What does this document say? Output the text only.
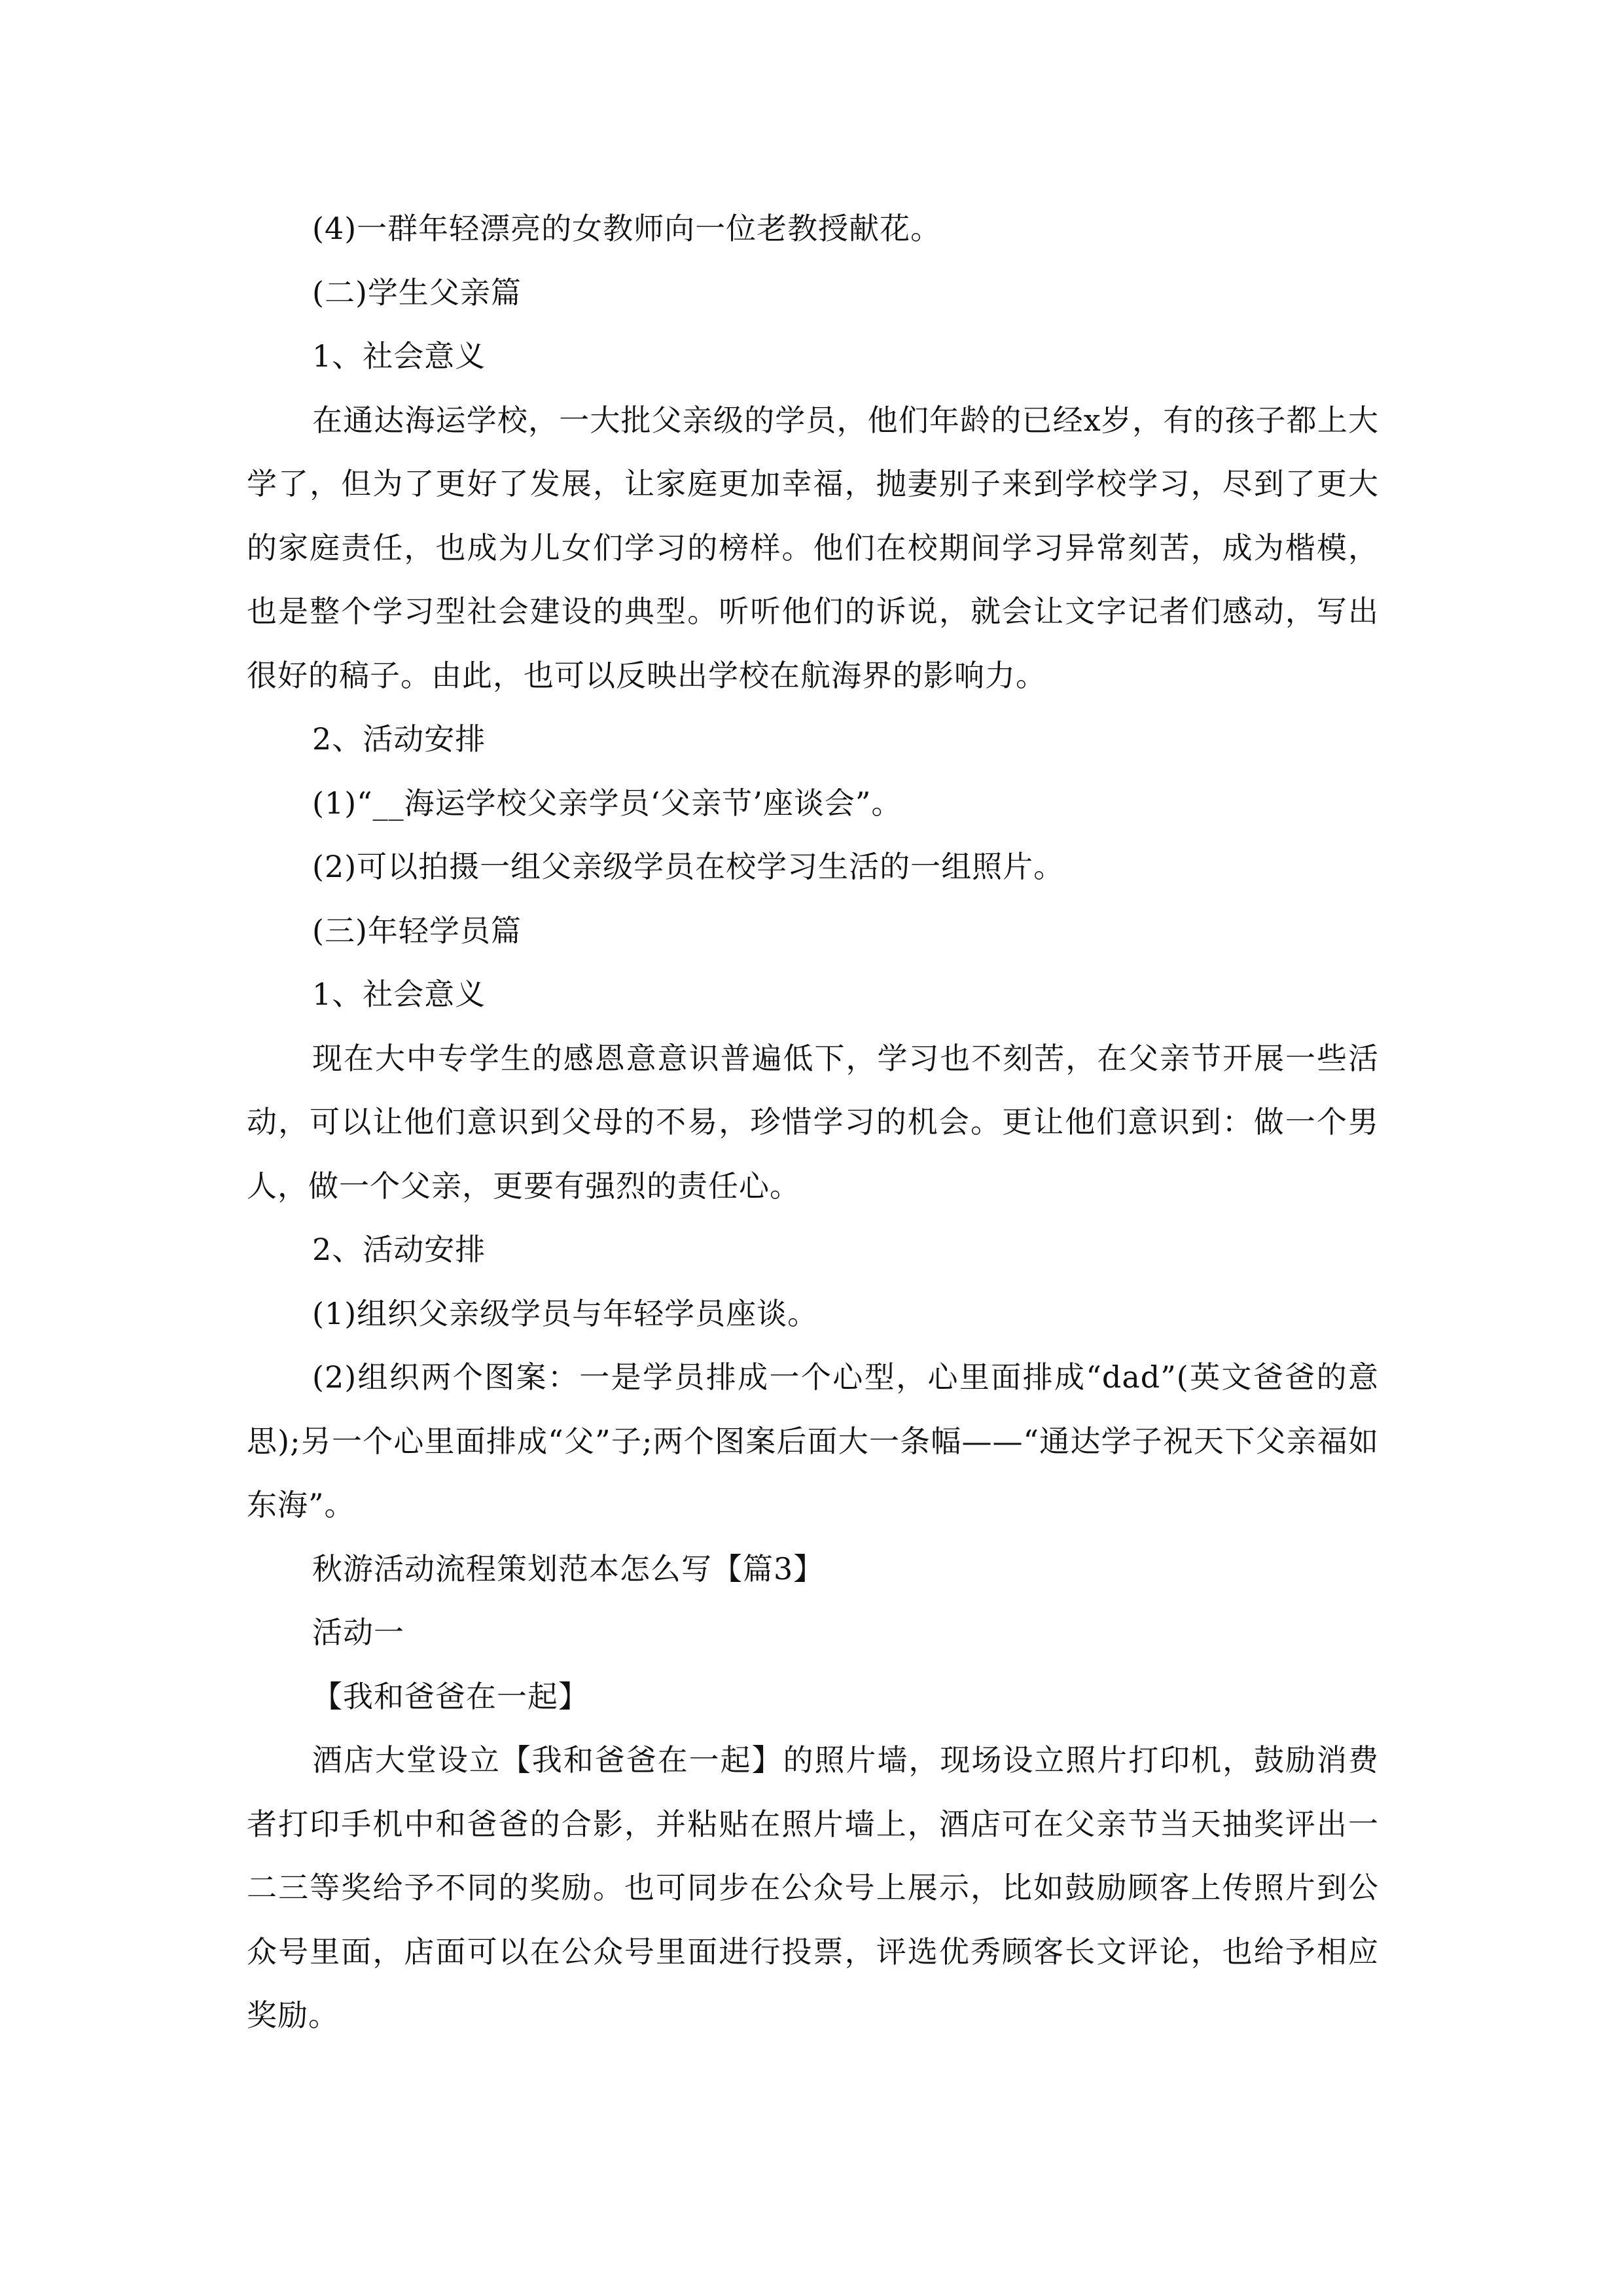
(4)一群年轻漂亮的女教师向一位老教授献花。

(二)学生父亲篇

1、社会意义

在通达海运学校，一大批父亲级的学员，他们年龄的已经x岁，有的孩子都上大学了，但为了更好了发展，让家庭更加幸福，抛妻别子来到学校学习，尽到了更大的家庭责任，也成为儿女们学习的榜样。他们在校期间学习异常刻苦，成为楷模，也是整个学习型社会建设的典型。听听他们的诉说，就会让文字记者们感动，写出很好的稿子。由此，也可以反映出学校在航海界的影响力。

2、活动安排

(1)“__海运学校父亲学员‘父亲节’座谈会”。

(2)可以拍摄一组父亲级学员在校学习生活的一组照片。

(三)年轻学员篇

1、社会意义

现在大中专学生的感恩意意识普遍低下，学习也不刻苦，在父亲节开展一些活动，可以让他们意识到父母的不易，珍惜学习的机会。更让他们意识到：做一个男人，做一个父亲，更要有强烈的责任心。

2、活动安排

(1)组织父亲级学员与年轻学员座谈。

(2)组织两个图案：一是学员排成一个心型，心里面排成“dad”(英文爸爸的意思);另一个心里面排成“父”子;两个图案后面大一条幅——“通达学子祝天下父亲福如东海”。

秋游活动流程策划范本怎么写【篇3】

活动一

【我和爸爸在一起】

酒店大堂设立【我和爸爸在一起】的照片墙，现场设立照片打印机，鼓励消费者打印手机中和爸爸的合影，并粘贴在照片墙上，酒店可在父亲节当天抽奖评出一二三等奖给予不同的奖励。也可同步在公众号上展示，比如鼓励顾客上传照片到公众号里面，店面可以在公众号里面进行投票，评选优秀顾客长文评论，也给予相应奖励。
